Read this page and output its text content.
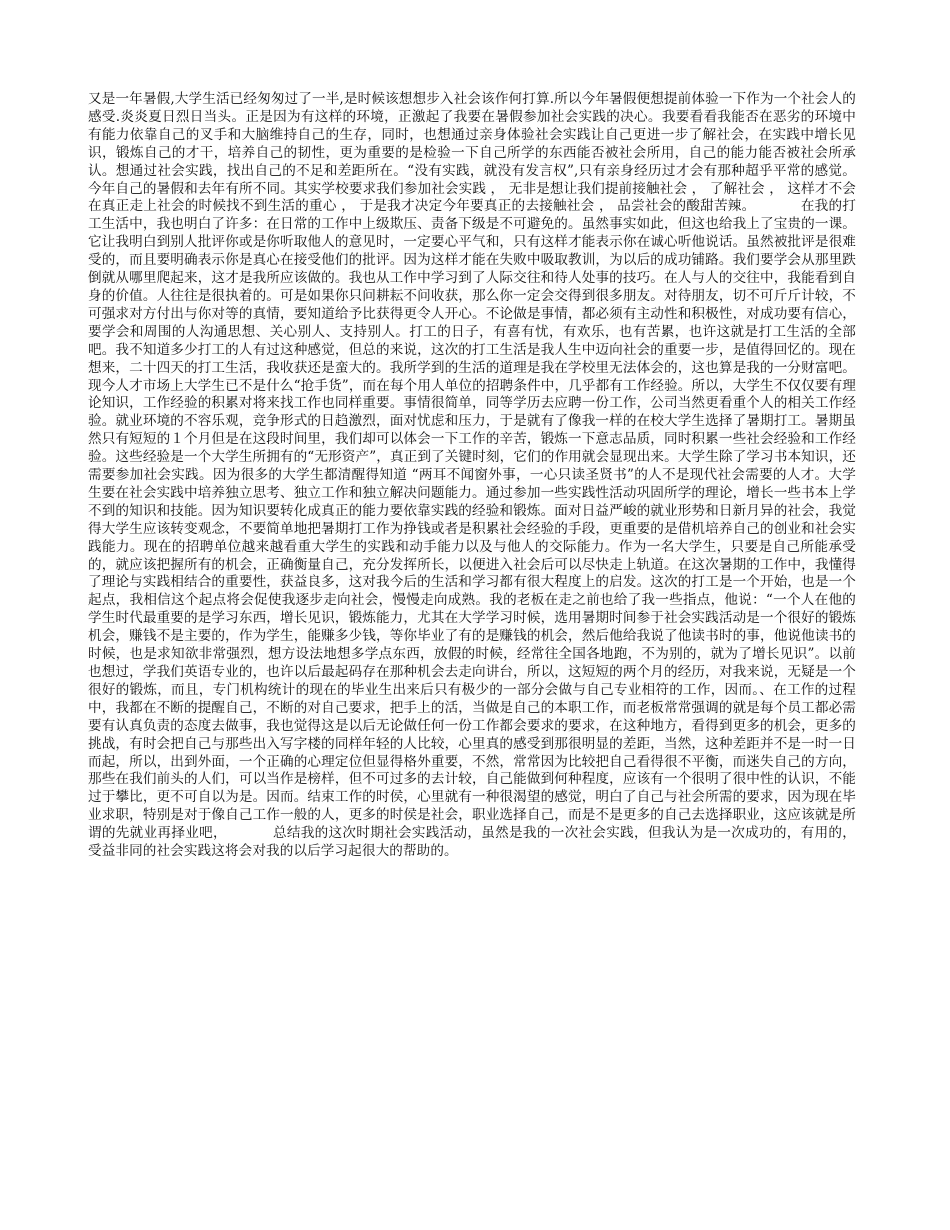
又是一年暑假,大学生活已经匆匆过了一半,是时候该想想步入社会该作何打算.所以今年暑假便想提前体验一下作为一个社会人的感受.炎炎夏日烈日当头。正是因为有这样的环境，正激起了我要在暑假参加社会实践的决心。我要看看我能否在恶劣的环境中有能力依靠自己的叉手和大脑维持自己的生存，同时，也想通过亲身体验社会实践让自己更进一步了解社会，在实践中增长见识，锻炼自己的才干，培养自己的韧性，更为重要的是检验一下自己所学的东西能否被社会所用，自己的能力能否被社会所承认。想通过社会实践，找出自己的不足和差距所在。“没有实践，就没有发言权”,只有亲身经历过才会有那种超乎平常的感觉。今年自己的暑假和去年有所不同。其实学校要求我们参加社会实践 ， 无非是想让我们提前接触社会 ， 了解社会 ， 这样才不会在真正走上社会的时候找不到生活的重心 ， 于是我才决定今年要真正的去接触社会 ， 品尝社会的酸甜苦辣。          在我的打工生活中，我也明白了许多：在日常的工作中上级欺压、责备下级是不可避免的。虽然事实如此，但这也给我上了宝贵的一课。它让我明白到别人批评你或是你听取他人的意见时，一定要心平气和，只有这样才能表示你在诚心听他说话。虽然被批评是很难受的，而且要明确表示你是真心在接受他们的批评。因为这样才能在失败中吸取教训，为以后的成功铺路。我们要学会从那里跌倒就从哪里爬起来，这才是我所应该做的。我也从工作中学习到了人际交往和待人处事的技巧。在人与人的交往中，我能看到自身的价值。人往往是很执着的。可是如果你只问耕耘不问收获，那么你一定会交得到很多朋友。对待朋友，切不可斤斤计较，不可强求对方付出与你对等的真情，要知道给予比获得更令人开心。不论做是事情，都必须有主动性和积极性，对成功要有信心，要学会和周围的人沟通思想、关心别人、支持别人。打工的日子，有喜有忧，有欢乐，也有苦累，也许这就是打工生活的全部吧。我不知道多少打工的人有过这种感觉，但总的来说，这次的打工生活是我人生中迈向社会的重要一步，是值得回忆的。现在想来，二十四天的打工生活，我收获还是蛮大的。我所学到的生活的道理是我在学校里无法体会的，这也算是我的一分财富吧。现今人才市场上大学生已不是什么“抢手货”，而在每个用人单位的招聘条件中，几乎都有工作经验。所以，大学生不仅仅要有理论知识，工作经验的积累对将来找工作也同样重要。事情很简单，同等学历去应聘一份工作，公司当然更看重个人的相关工作经验。就业环境的不容乐观，竞争形式的日趋激烈，面对忧虑和压力，于是就有了像我一样的在校大学生选择了暑期打工。暑期虽然只有短短的１个月但是在这段时间里，我们却可以体会一下工作的辛苦，锻炼一下意志品质，同时积累一些社会经验和工作经验。这些经验是一个大学生所拥有的“无形资产”，真正到了关键时刻，它们的作用就会显现出来。大学生除了学习书本知识，还需要参加社会实践。因为很多的大学生都清醒得知道 “两耳不闻窗外事，一心只读圣贤书”的人不是现代社会需要的人才。大学生要在社会实践中培养独立思考、独立工作和独立解决问题能力。通过参加一些实践性活动巩固所学的理论，增长一些书本上学不到的知识和技能。因为知识要转化成真正的能力要依靠实践的经验和锻炼。面对日益严峻的就业形势和日新月异的社会，我觉得大学生应该转变观念，不要简单地把暑期打工作为挣钱或者是积累社会经验的手段，更重要的是借机培养自己的创业和社会实践能力。现在的招聘单位越来越看重大学生的实践和动手能力以及与他人的交际能力。作为一名大学生，只要是自己所能承受的，就应该把握所有的机会，正确衡量自己，充分发挥所长，以便进入社会后可以尽快走上轨道。在这次暑期的工作中，我懂得了理论与实践相结合的重要性，获益良多，这对我今后的生活和学习都有很大程度上的启发。这次的打工是一个开始，也是一个起点，我相信这个起点将会促使我逐步走向社会，慢慢走向成熟。我的老板在走之前也给了我一些指点，他说：“一个人在他的学生时代最重要的是学习东西，增长见识，锻炼能力，尤其在大学学习时候，选用暑期时间参于社会实践活动是一个很好的锻炼机会，赚钱不是主要的，作为学生，能赚多少钱，等你毕业了有的是赚钱的机会，然后他给我说了他读书时的事，他说他读书的时候，也是求知欲非常强烈，想方设法地想多学点东西，放假的时候，经常往全国各地跑，不为别的，就为了增长见识”。以前也想过，学我们英语专业的，也许以后最起码存在那种机会去走向讲台，所以，这短短的两个月的经历，对我来说，无疑是一个很好的锻炼，而且，专门机构统计的现在的毕业生出来后只有极少的一部分会做与自己专业相符的工作，因而。、在工作的过程中，我都在不断的提醒自己，不断的对自己要求，把手上的活，当做是自己的本职工作，而老板常常强调的就是每个员工都必需要有认真负责的态度去做事，我也觉得这是以后无论做任何一份工作都会要求的要求，在这种地方，看得到更多的机会，更多的挑战，有时会把自己与那些出入写字楼的同样年轻的人比较，心里真的感受到那很明显的差距，当然，这种差距并不是一时一日而起，所以，出到外面，一个正确的心理定位但显得格外重要，不然，常常因为比较把自己看得很不平衡，而迷失自己的方向，那些在我们前头的人们，可以当作是榜样，但不可过多的去计较，自己能做到何种程度，应该有一个很明了很中性的认识，不能过于攀比，更不可自以为是。因而。结束工作的时侯，心里就有一种很渴望的感觉，明白了自己与社会所需的要求，因为现在毕业求职，特别是对于像自己工作一般的人，更多的时侯是社会，职业选择自己，而是不是更多的自己去选择职业，这应该就是所谓的先就业再择业吧，          总结我的这次时期社会实践活动，虽然是我的一次社会实践，但我认为是一次成功的，有用的，受益非同的社会实践这将会对我的以后学习起很大的帮助的。
